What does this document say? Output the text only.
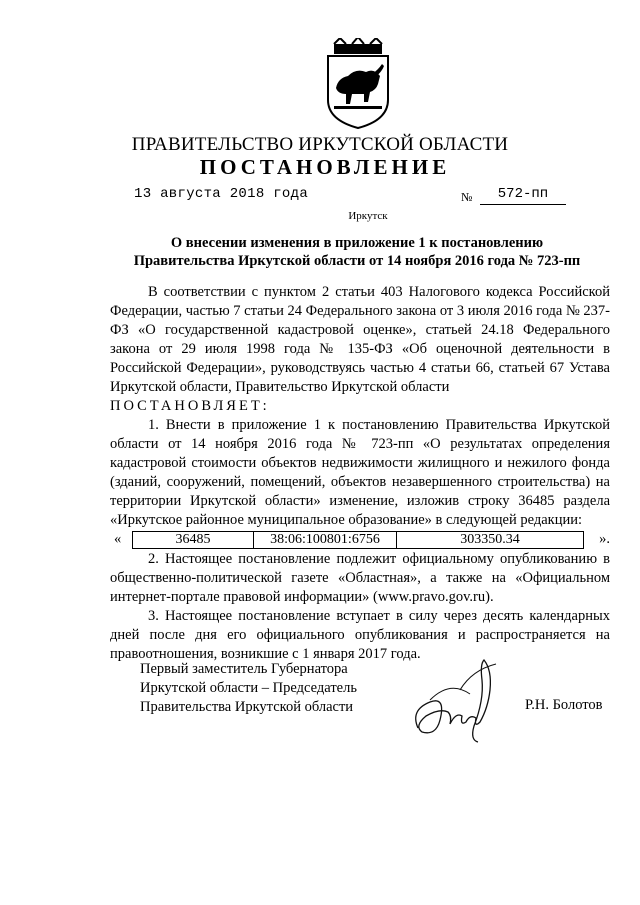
ПРАВИТЕЛЬСТВО ИРКУТСКОЙ ОБЛАСТИ
ПОСТАНОВЛЕНИЕ
13 августа 2018 года	№	572-пп
Иркутск
О внесении изменения в приложение 1 к постановлению
Правительства Иркутской области от 14 ноября 2016 года № 723-пп

В соответствии с пунктом 2 статьи 403 Налогового кодекса Российской Федерации, частью 7 статьи 24 Федерального закона от 3 июля 2016 года № 237-ФЗ «О государственной кадастровой оценке», статьей 24.18 Федерального закона от 29 июля 1998 года № 135-ФЗ «Об оценочной деятельности в Российской Федерации», руководствуясь частью 4 статьи 66, статьей 67 Устава Иркутской области, Правительство Иркутской области

ПОСТАНОВЛЯЕТ:

1. Внести в приложение 1 к постановлению Правительства Иркутской области от 14 ноября 2016 года № 723-пп «О результатах определения кадастровой стоимости объектов недвижимости жилищного и нежилого фонда (зданий, сооружений, помещений, объектов незавершенного строительства) на территории Иркутской области» изменение, изложив строку 36485 раздела «Иркутское районное муниципальное образование» в следующей редакции:

«	36485	38:06:100801:6756	303350.34	».

2. Настоящее постановление подлежит официальному опубликованию в общественно-политической газете «Областная», а также на «Официальном интернет-портале правовой информации» (www.pravo.gov.ru).

3. Настоящее постановление вступает в силу через десять календарных дней после дня его официального опубликования и распространяется на правоотношения, возникшие с 1 января 2017 года.

Первый заместитель Губернатора
Иркутской области – Председатель
Правительства Иркутской области	Р.Н. Болотов
